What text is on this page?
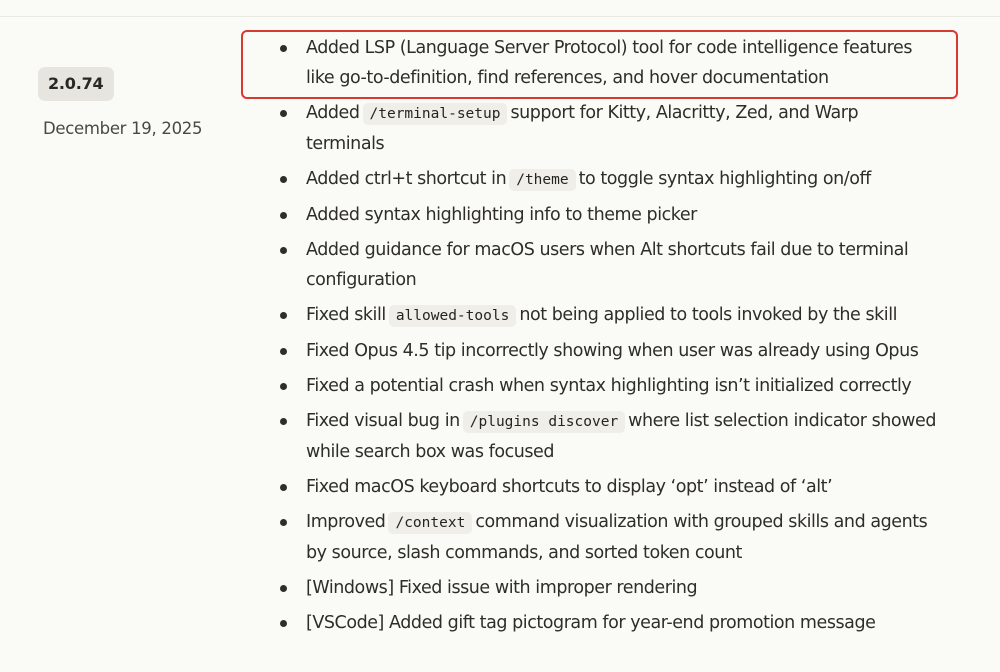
2.0.74
December 19, 2025
Added LSP (Language Server Protocol) tool for code intelligence features like go-to-definition, find references, and hover documentation
Added /terminal-setup support for Kitty, Alacritty, Zed, and Warp terminals
Added ctrl+t shortcut in /theme to toggle syntax highlighting on/off
Added syntax highlighting info to theme picker
Added guidance for macOS users when Alt shortcuts fail due to terminal configuration
Fixed skill allowed-tools not being applied to tools invoked by the skill
Fixed Opus 4.5 tip incorrectly showing when user was already using Opus
Fixed a potential crash when syntax highlighting isn’t initialized correctly
Fixed visual bug in /plugins discover where list selection indicator showed while search box was focused
Fixed macOS keyboard shortcuts to display ‘opt’ instead of ‘alt’
Improved /context command visualization with grouped skills and agents by source, slash commands, and sorted token count
[Windows] Fixed issue with improper rendering
[VSCode] Added gift tag pictogram for year-end promotion message
